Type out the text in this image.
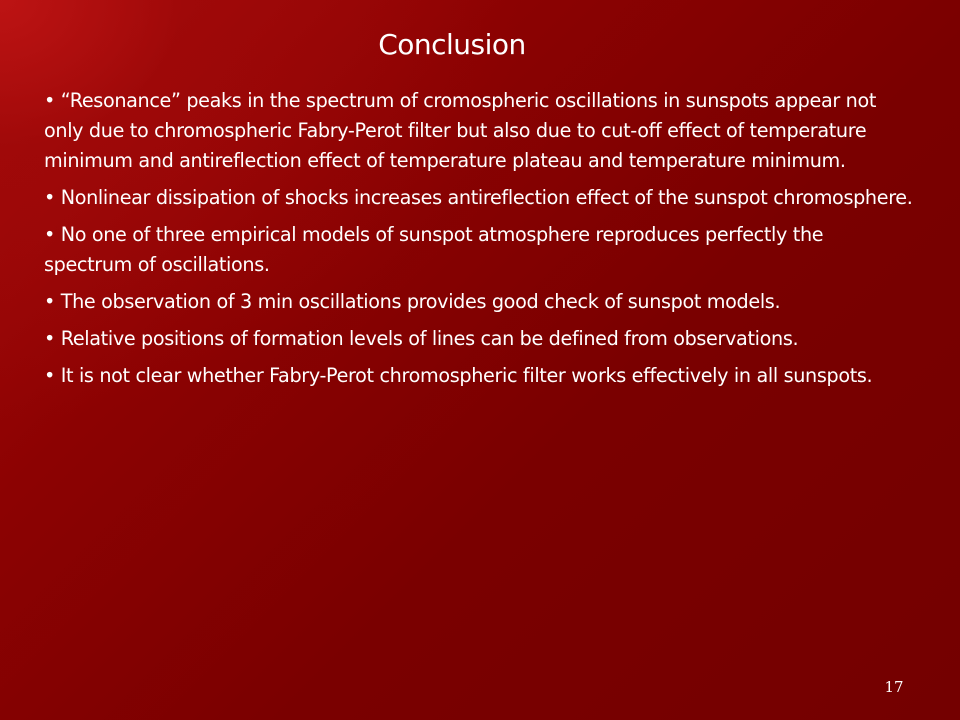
Conclusion
• “Resonance” peaks in the spectrum of cromospheric oscillations in sunspots appear not only due to chromospheric Fabry-Perot filter but also due to cut-off effect of temperature minimum and antireflection effect of temperature plateau and temperature minimum.
• Nonlinear dissipation of shocks increases antireflection effect of the sunspot chromosphere.
• No one of three empirical models of sunspot atmosphere reproduces perfectly the spectrum of oscillations.
• The observation of 3 min oscillations provides good check of sunspot models.
• Relative positions of formation levels of lines can be defined from observations.
• It is not clear whether Fabry-Perot chromospheric filter works effectively in all sunspots.
17
